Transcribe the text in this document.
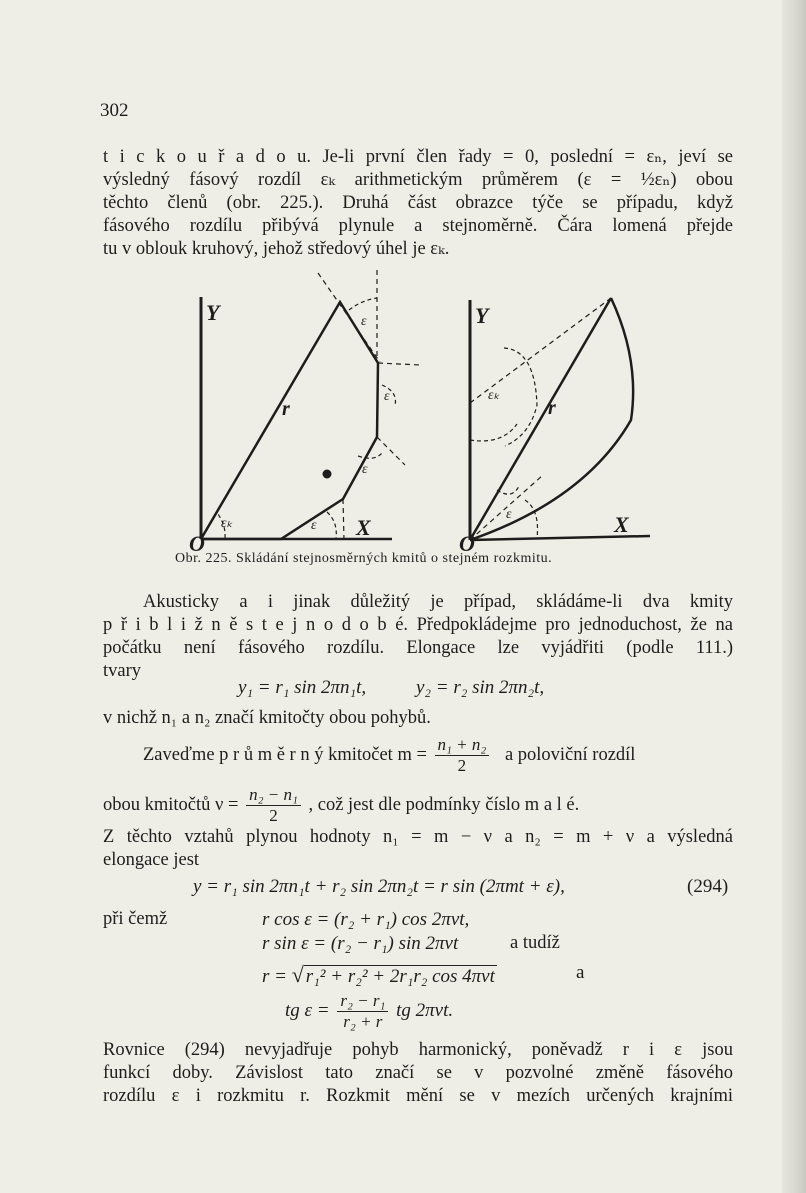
302
t i c k o u ř a d o u. Je-li první člen řady = 0, poslední = εₙ, jeví se
výsledný fásový rozdíl εₖ arithmetickým průměrem (ε = ½εₙ) obou
těchto členů (obr. 225.). Druhá část obrazce týče se případu, když
fásového rozdílu přibývá plynule a stejnoměrně. Čára lomená přejde
tu v oblouk kruhový, jehož středový úhel je εₖ.
Y
X
O
r
ε
ε
ε
ε
εₖ
Y
X
O
r
εₖ
ε
Obr. 225. Skládání stejnosměrných kmitů o stejném rozkmitu.
Akusticky a i jinak důležitý je případ, skládáme-li dva kmity
p ř i b l i ž n ě s t e j n o d o b é. Předpokládejme pro jednoduchost, že na
počátku není fásového rozdílu. Elongace lze vyjádřiti (podle 111.)
tvary
y₁ = r₁ sin 2πn₁t,	y₂ = r₂ sin 2πn₂t,
v nichž n₁ a n₂ značí kmitočty obou pohybů.
Zaveďme p r ů m ě r n ý kmitočet $m = \frac{\text{n₁ + n₂}}{2}$ a poloviční rozdíl
obou kmitočtů $\nu = \frac{\text{n₂ − n₁}}{2}$ , což jest dle podmínky číslo m a l é.
Z těchto vztahů plynou hodnoty n₁ = m − ν a n₂ = m + ν a výsledná
elongace jest
y = r₁ sin 2πn₁t + r₂ sin 2πn₂t = r sin (2πmt + ε),	(294)
při čemž	r cos ε = (r₂ + r₁) cos 2πνt,
r sin ε = (r₂ − r₁) sin 2πνt	a tudíž
r = √ r₁² + r₂² + 2r₁r₂ cos 4πνt	a
tg $\varepsilon = \frac{\text{r₂ − r₁}}{\text{r₂ + r}}$ tg 2πνt.
Rovnice (294) nevyjadřuje pohyb harmonický, poněvadž r i ε jsou
funkcí doby. Závislost tato značí se v pozvolné změně fásového
rozdílu ε i rozkmitu r. Rozkmit mění se v mezích určených krajními
